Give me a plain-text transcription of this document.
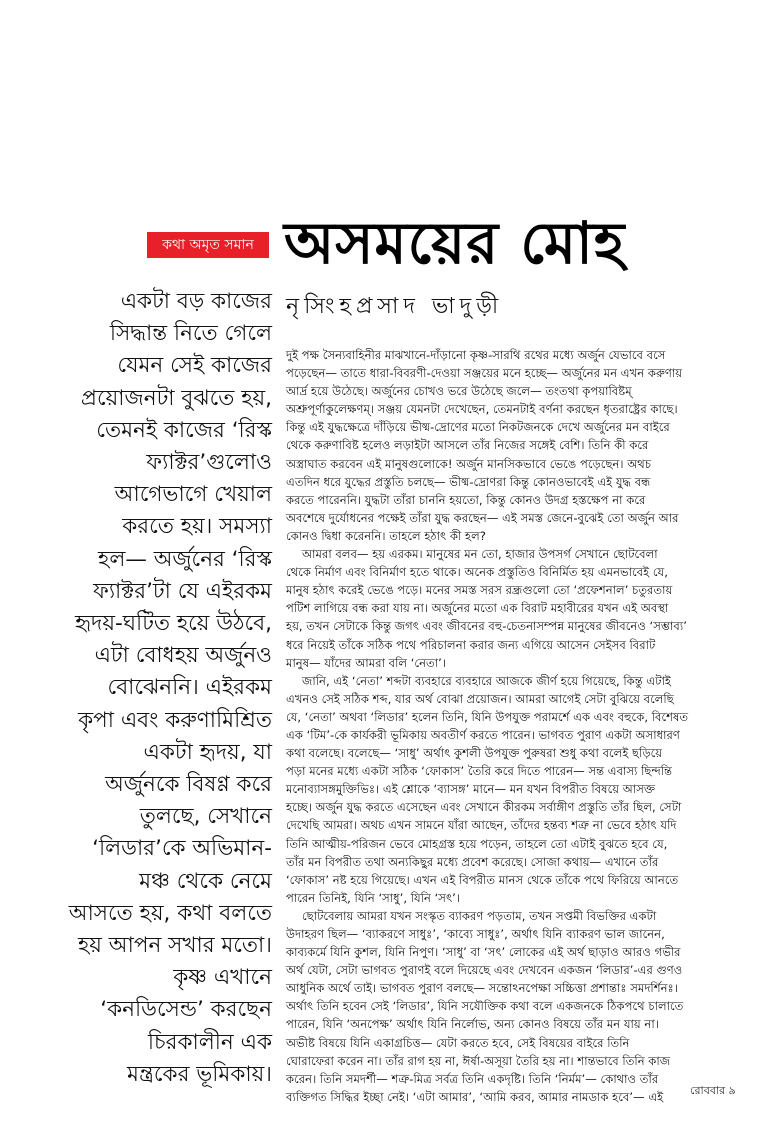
কথা অমৃত সমান অসময়ের মোহ
নৃসিংহপ্রসাদ ভাদুড়ী
একটা বড় কাজের
সিদ্ধান্ত নিতে গেলে
যেমন সেই কাজের
প্রয়োজনটা বুঝতে হয়,
তেমনই কাজের ‘রিস্ক
ফ্যাক্টর’গুলোও
আগেভাগে খেয়াল
করতে হয়। সমস্যা
হল— অর্জুনের ‘রিস্ক
ফ্যাক্টর’টা যে এইরকম
হৃদয়-ঘটিত হয়ে উঠবে,
এটা বোধহয় অর্জুনও
বোঝেননি। এইরকম
কৃপা এবং করুণামিশ্রিত
একটা হৃদয়, যা
অর্জুনকে বিষণ্ণ করে
তুলছে, সেখানে
‘লিডার’কে অভিমান-
মঞ্চ থেকে নেমে
আসতে হয়, কথা বলতে
হয় আপন সখার মতো।
কৃষ্ণ এখানে
‘কনডিসেন্ড’ করছেন
চিরকালীন এক
মন্ত্রকের ভূমিকায়।
দুই পক্ষ সৈন্যবাহিনীর মাঝখানে-দাঁড়ানো কৃষ্ণ-সারথি রথের মধ্যে অর্জুন যেভাবে বসে
পড়েছেন— তাতে ধারা-বিবরণী-দেওয়া সঞ্জয়ের মনে হচ্ছে— অর্জুনের মন এখন করুণায়
আর্দ্র হয়ে উঠেছে। অর্জুনের চোখও ভরে উঠেছে জলে— তংতথা কৃপয়াবিষ্টম্
অশ্রুপূর্ণাকুলেক্ষণম্। সঞ্জয় যেমনটা দেখেছেন, তেমনটাই বর্ণনা করছেন ধৃতরাষ্ট্রের কাছে।
কিন্তু এই যুদ্ধক্ষেত্রে দাঁড়িয়ে ভীষ্ম-দ্রোণের মতো নিকটজনকে দেখে অর্জুনের মন বাইরে
থেকে করুণাবিষ্ট হলেও লড়াইটা আসলে তাঁর নিজের সঙ্গেই বেশি। তিনি কী করে
অস্ত্রাঘাত করবেন এই মানুষগুলোকে! অর্জুন মানসিকভাবে ভেঙে পড়েছেন। অথচ
এতদিন ধরে যুদ্ধের প্রস্তুতি চলছে— ভীষ্ম-দ্রোণরা কিন্তু কোনওভাবেই এই যুদ্ধ বন্ধ
করতে পারেননি। যুদ্ধটা তাঁরা চাননি হয়তো, কিন্তু কোনও উদগ্র হস্তক্ষেপ না করে
অবশেষে দুর্যোধনের পক্ষেই তাঁরা যুদ্ধ করছেন— এই সমস্ত জেনে-বুঝেই তো অর্জুন আর
কোনও দ্বিধা করেননি। তাহলে হঠাৎ কী হল?
আমরা বলব— হয় এরকম। মানুষের মন তো, হাজার উপসর্গ সেখানে ছোটবেলা
থেকে নির্মাণ এবং বিনির্মাণ হতে থাকে। অনেক প্রস্তুতিও বিনির্মিত হয় এমনভাবেই যে,
মানুষ হঠাৎ করেই ভেঙে পড়ে। মনের সমস্ত সরস রন্ধ্রগুলো তো ‘প্রফেশনাল’ চতুরতায়
পটিশ লাগিয়ে বন্ধ করা যায় না। অর্জুনের মতো এক বিরাট মহাবীরের যখন এই অবস্থা
হয়, তখন সেটাকে কিন্তু জগৎ এবং জীবনের বহু-চেতনাসম্পন্ন মানুষের জীবনেও ‘সম্ভাব্য’
ধরে নিয়েই তাঁকে সঠিক পথে পরিচালনা করার জন্য এগিয়ে আসেন সেইসব বিরাট
মানুষ— যাঁদের আমরা বলি ‘নেতা’।
জানি, এই ‘নেতা’ শব্দটা ব্যবহারে ব্যবহারে আজকে জীর্ণ হয়ে গিয়েছে, কিন্তু এটাই
এখনও সেই সঠিক শব্দ, যার অর্থ বোঝা প্রয়োজন। আমরা আগেই সেটা বুঝিয়ে বলেছি
যে, ‘নেতা’ অথবা ‘লিডার’ হলেন তিনি, যিনি উপযুক্ত পরামর্শে এক এবং বহুকে, বিশেষত
এক ‘টিম’-কে কার্যকরী ভূমিকায় অবতীর্ণ করতে পারেন। ভাগবত পুরাণ একটা অসাধারণ
কথা বলেছে। বলেছে— ‘সাধু’ অর্থাৎ কুশলী উপযুক্ত পুরুষরা শুধু কথা বলেই ছড়িয়ে
পড়া মনের মধ্যে একটা সঠিক ‘ফোকাস’ তৈরি করে দিতে পারেন— সন্ত এবাস্য ছিন্দন্তি
মনোব্যাসঙ্গমুক্তিভিঃ। এই শ্লোকে ‘ব্যাসঙ্গ’ মানে— মন যখন বিপরীত বিষয়ে আসক্ত
হচ্ছে। অর্জুন যুদ্ধ করতে এসেছেন এবং সেখানে কীরকম সর্বাঙ্গীণ প্রস্তুতি তাঁর ছিল, সেটা
দেখেছি আমরা। অথচ এখন সামনে যাঁরা আছেন, তাঁদের হন্তব্য শত্রু না ভেবে হঠাৎ যদি
তিনি আত্মীয়-পরিজন ভেবে মোহগ্রস্ত হয়ে পড়েন, তাহলে তো এটাই বুঝতে হবে যে,
তাঁর মন বিপরীত তথা অন্যকিছুর মধ্যে প্রবেশ করেছে। সোজা কথায়— এখানে তাঁর
‘ফোকাস’ নষ্ট হয়ে গিয়েছে। এখন এই বিপরীত মানস থেকে তাঁকে পথে ফিরিয়ে আনতে
পারেন তিনিই, যিনি ‘সাধু’, যিনি ‘সৎ’।
ছোটবেলায় আমরা যখন সংস্কৃত ব্যাকরণ পড়তাম, তখন সপ্তমী বিভক্তির একটা
উদাহরণ ছিল— ‘ব্যাকরণে সাধুঃ’, ‘কাব্যে সাধুঃ’, অর্থাৎ যিনি ব্যাকরণ ভাল জানেন,
কাব্যকর্মে যিনি কুশল, যিনি নিপুণ। ‘সাধু’ বা ‘সৎ’ লোকের এই অর্থ ছাড়াও আরও গভীর
অর্থ যেটা, সেটা ভাগবত পুরাণই বলে দিয়েছে এবং দেখবেন একজন ‘লিডার’-এর গুণও
আধুনিক অর্থে তাই। ভাগবত পুরাণ বলছে— সন্তোঽনপেক্ষা সচ্চিত্তা প্রশান্তাঃ সমদর্শিনঃ।
অর্থাৎ তিনি হবেন সেই ‘লিডার’, যিনি সযৌক্তিক কথা বলে একজনকে ঠিকপথে চালাতে
পারেন, যিনি ‘অনপেক্ষ’ অর্থাৎ যিনি নির্লোভ, অন্য কোনও বিষয়ে তাঁর মন যায় না।
অভীষ্ট বিষয়ে যিনি একাগ্রচিত্ত— যেটা করতে হবে, সেই বিষয়ের বাইরে তিনি
ঘোরাফেরা করেন না। তাঁর রাগ হয় না, ঈর্ষা-অসূয়া তৈরি হয় না। শান্তভাবে তিনি কাজ
করেন। তিনি সমদর্শী— শত্রু-মিত্র সর্বত্র তিনি একদৃষ্টি। তিনি ‘নির্মম’— কোথাও তাঁর
ব্যক্তিগত সিদ্ধির ইচ্ছা নেই। ‘এটা আমার’, ‘আমি করব, আমার নামডাক হবে’— এই	রোববার ৯
